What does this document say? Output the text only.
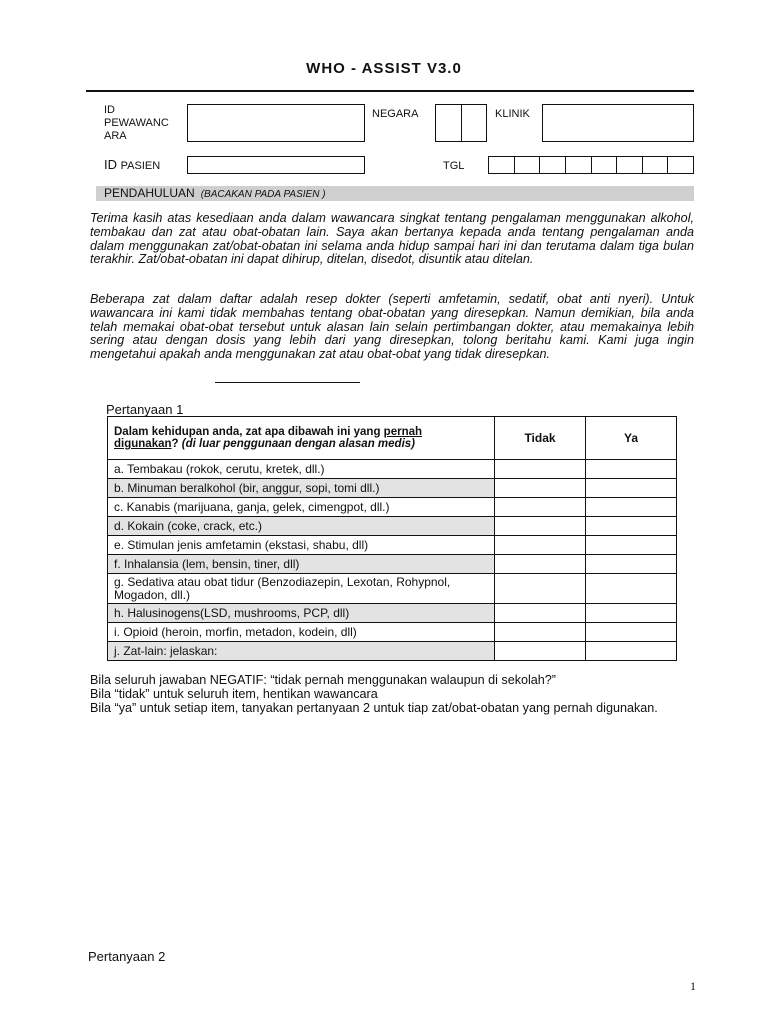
WHO - ASSIST V3.0
ID
PEWAWANC
ARA
NEGARA	KLINIK
ID PASIEN	TGL
PENDAHULUAN (BACAKAN PADA PASIEN )
Terima kasih atas kesediaan anda dalam wawancara singkat tentang pengalaman menggunakan alkohol, tembakau dan zat atau obat-obatan lain. Saya akan bertanya kepada anda tentang pengalaman anda dalam menggunakan zat/obat-obatan ini selama anda hidup sampai hari ini dan terutama dalam tiga bulan terakhir. Zat/obat-obatan ini dapat dihirup, ditelan, disedot, disuntik atau ditelan.
Beberapa zat dalam daftar adalah resep dokter (seperti amfetamin, sedatif, obat anti nyeri). Untuk wawancara ini kami tidak membahas tentang obat-obatan yang diresepkan. Namun demikian, bila anda telah memakai obat-obat tersebut untuk alasan lain selain pertimbangan dokter, atau memakainya lebih sering atau dengan dosis yang lebih dari yang diresepkan, tolong beritahu kami. Kami juga ingin mengetahui apakah anda menggunakan zat atau obat-obat yang tidak diresepkan.
Pertanyaan 1
Dalam kehidupan anda, zat apa dibawah ini yang pernah digunakan? (di luar penggunaan dengan alasan medis)	Tidak	Ya
a. Tembakau (rokok, cerutu, kretek, dll.)		
b. Minuman beralkohol (bir, anggur, sopi, tomi dll.)		
c. Kanabis (marijuana, ganja, gelek, cimengpot, dll.)		
d. Kokain (coke, crack, etc.)		
e. Stimulan jenis amfetamin (ekstasi, shabu, dll)		
f. Inhalansia (lem, bensin, tiner, dll)		
g. Sedativa atau obat tidur (Benzodiazepin, Lexotan, Rohypnol, Mogadon, dll.)		
h. Halusinogens(LSD, mushrooms, PCP, dll)		
i. Opioid (heroin, morfin, metadon, kodein, dll)		
j. Zat-lain: jelaskan:		
Bila seluruh jawaban NEGATIF: “tidak pernah menggunakan walaupun di sekolah?”
Bila “tidak” untuk seluruh item, hentikan wawancara
Bila “ya” untuk setiap item, tanyakan pertanyaan 2 untuk tiap zat/obat-obatan yang pernah digunakan.
Pertanyaan 2
1
